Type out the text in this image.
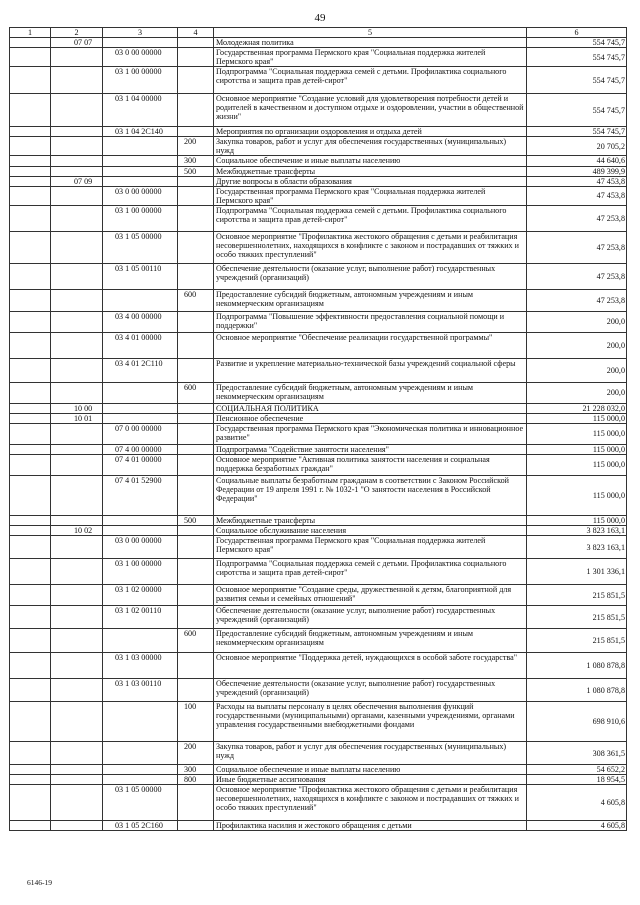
49
1	2	3	4	5	6
	07 07			Молодежная политика	554 745,7
		03 0 00 00000		Государственная программа Пермского края "Социальная поддержка жителей Пермского края"	554 745,7
		03 1 00 00000		Подпрограмма "Социальная поддержка семей с детьми. Профилактика социального сиротства и защита прав детей-сирот"	554 745,7
		03 1 04 00000		Основное мероприятие "Создание условий для удовлетворения потребности детей и родителей в качественном и доступном отдыхе и оздоровлении, участии в общественной жизни"	554 745,7
		03 1 04 2С140		Мероприятия по организации оздоровления и отдыха детей	554 745,7
			200	Закупка товаров, работ и услуг для обеспечения государственных (муниципальных) нужд	20 705,2
			300	Социальное обеспечение и иные выплаты населению	44 640,6
			500	Межбюджетные трансферты	489 399,9
	07 09			Другие вопросы в области образования	47 453,8
		03 0 00 00000		Государственная программа Пермского края "Социальная поддержка жителей Пермского края"	47 453,8
		03 1 00 00000		Подпрограмма "Социальная поддержка семей с детьми. Профилактика социального сиротства и защита прав детей-сирот"	47 253,8
		03 1 05 00000		Основное мероприятие "Профилактика жестокого обращения с детьми и реабилитация несовершеннолетних, находящихся в конфликте с законом и пострадавших от тяжких и особо тяжких преступлений"	47 253,8
		03 1 05 00110		Обеспечение деятельности (оказание услуг, выполнение работ) государственных учреждений (организаций)	47 253,8
			600	Предоставление субсидий бюджетным, автономным учреждениям и иным некоммерческим организациям	47 253,8
		03 4 00 00000		Подпрограмма "Повышение эффективности предоставления социальной помощи и поддержки"	200,0
		03 4 01 00000		Основное мероприятие "Обеспечение реализации государственной программы"	200,0
		03 4 01 2С110		Развитие и укрепление материально-технической базы учреждений социальной сферы	200,0
			600	Предоставление субсидий бюджетным, автономным учреждениям и иным некоммерческим организациям	200,0
	10 00			СОЦИАЛЬНАЯ ПОЛИТИКА	21 228 032,0
	10 01			Пенсионное обеспечение	115 000,0
		07 0 00 00000		Государственная программа Пермского края "Экономическая политика и инновационное развитие"	115 000,0
		07 4 00 00000		Подпрограмма "Содействие занятости населения"	115 000,0
		07 4 01 00000		Основное мероприятие "Активная политика занятости населения и социальная поддержка безработных граждан"	115 000,0
		07 4 01 52900		Социальные выплаты безработным гражданам в соответствии с Законом Российской Федерации от 19 апреля 1991 г. № 1032-1 "О занятости населения в Российской Федерации"	115 000,0
			500	Межбюджетные трансферты	115 000,0
	10 02			Социальное обслуживание населения	3 823 163,1
		03 0 00 00000		Государственная программа Пермского края "Социальная поддержка жителей Пермского края"	3 823 163,1
		03 1 00 00000		Подпрограмма "Социальная поддержка семей с детьми. Профилактика социального сиротства и защита прав детей-сирот"	1 301 336,1
		03 1 02 00000		Основное мероприятие "Создание среды, дружественной к детям, благоприятной для развития семьи и семейных отношений"	215 851,5
		03 1 02 00110		Обеспечение деятельности (оказание услуг, выполнение работ) государственных учреждений (организаций)	215 851,5
			600	Предоставление субсидий бюджетным, автономным учреждениям и иным некоммерческим организациям	215 851,5
		03 1 03 00000		Основное мероприятие "Поддержка детей, нуждающихся в особой заботе государства"	1 080 878,8
		03 1 03 00110		Обеспечение деятельности (оказание услуг, выполнение работ) государственных учреждений (организаций)	1 080 878,8
			100	Расходы на выплаты персоналу в целях обеспечения выполнения функций государственными (муниципальными) органами, казенными учреждениями, органами управления государственными внебюджетными фондами	698 910,6
			200	Закупка товаров, работ и услуг для обеспечения государственных (муниципальных) нужд	308 361,5
			300	Социальное обеспечение и иные выплаты населению	54 652,2
			800	Иные бюджетные ассигнования	18 954,5
		03 1 05 00000		Основное мероприятие "Профилактика жестокого обращения с детьми и реабилитация несовершеннолетних, находящихся в конфликте с законом и пострадавших от тяжких и особо тяжких преступлений"	4 605,8
		03 1 05 2С160		Профилактика насилия и жестокого обращения с детьми	4 605,8
6146-19
